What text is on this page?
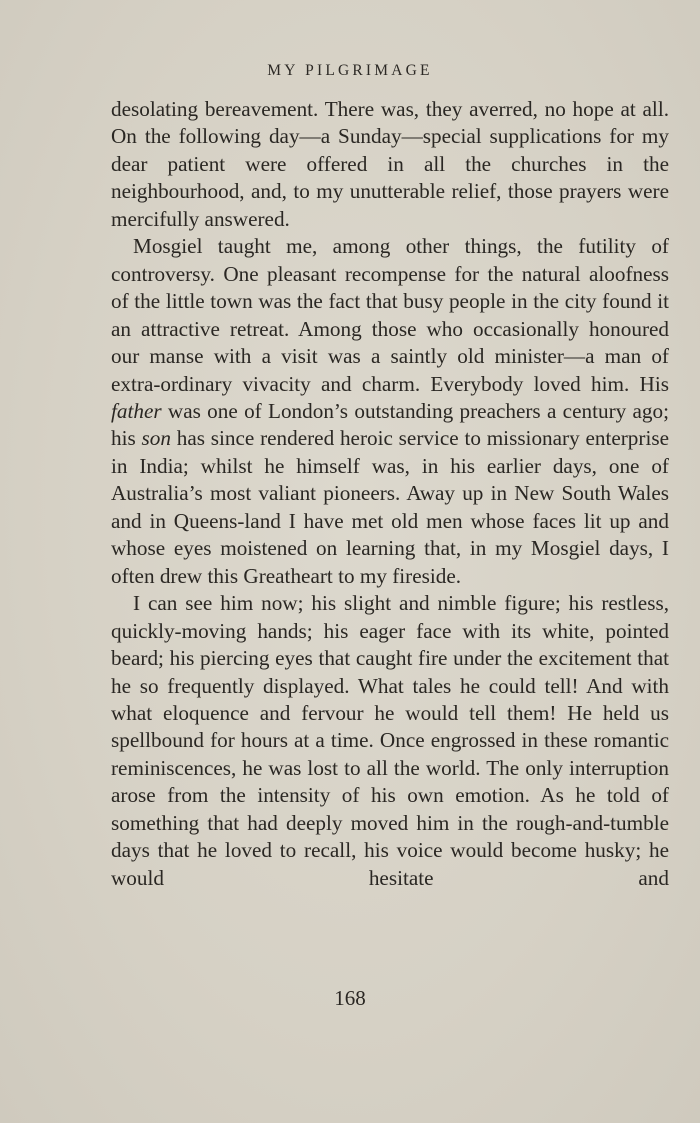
MY PILGRIMAGE

desolating bereavement. There was, they averred, no hope at all. On the following day—a Sunday—special supplications for my dear patient were offered in all the churches in the neighbourhood, and, to my unutterable relief, those prayers were mercifully answered.

Mosgiel taught me, among other things, the futility of controversy. One pleasant recompense for the natural aloofness of the little town was the fact that busy people in the city found it an attractive retreat. Among those who occasionally honoured our manse with a visit was a saintly old minister—a man of extra-ordinary vivacity and charm. Everybody loved him. His father was one of London’s outstanding preachers a century ago; his son has since rendered heroic service to missionary enterprise in India; whilst he himself was, in his earlier days, one of Australia’s most valiant pioneers. Away up in New South Wales and in Queens-land I have met old men whose faces lit up and whose eyes moistened on learning that, in my Mosgiel days, I often drew this Greatheart to my fireside.

I can see him now; his slight and nimble figure; his restless, quickly-moving hands; his eager face with its white, pointed beard; his piercing eyes that caught fire under the excitement that he so frequently displayed. What tales he could tell! And with what eloquence and fervour he would tell them! He held us spellbound for hours at a time. Once engrossed in these romantic reminiscences, he was lost to all the world. The only interruption arose from the intensity of his own emotion. As he told of something that had deeply moved him in the rough-and-tumble days that he loved to recall, his voice would become husky; he would hesitate and

168
